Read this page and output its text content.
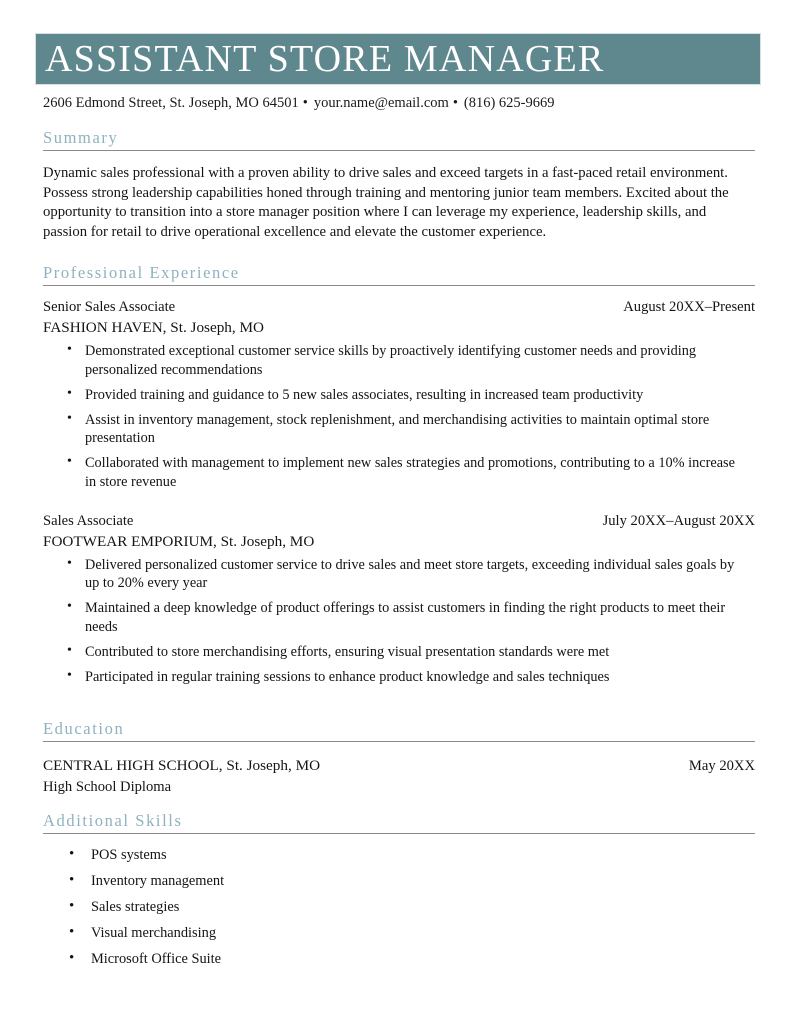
ASSISTANT STORE MANAGER
2606 Edmond Street, St. Joseph, MO 64501 • your.name@email.com • (816) 625-9669
Summary

Dynamic sales professional with a proven ability to drive sales and exceed targets in a fast-paced retail environment. Possess strong leadership capabilities honed through training and mentoring junior team members. Excited about the opportunity to transition into a store manager position where I can leverage my experience, leadership skills, and passion for retail to drive operational excellence and elevate the customer experience.

Professional Experience
Senior Sales Associate	August 20XX–Present
FASHION HAVEN, St. Joseph, MO
• Demonstrated exceptional customer service skills by proactively identifying customer needs and providing personalized recommendations
• Provided training and guidance to 5 new sales associates, resulting in increased team productivity
• Assist in inventory management, stock replenishment, and merchandising activities to maintain optimal store presentation
• Collaborated with management to implement new sales strategies and promotions, contributing to a 10% increase in store revenue
Sales Associate	July 20XX–August 20XX
FOOTWEAR EMPORIUM, St. Joseph, MO
• Delivered personalized customer service to drive sales and meet store targets, exceeding individual sales goals by up to 20% every year
• Maintained a deep knowledge of product offerings to assist customers in finding the right products to meet their needs
• Contributed to store merchandising efforts, ensuring visual presentation standards were met
• Participated in regular training sessions to enhance product knowledge and sales techniques
Education
CENTRAL HIGH SCHOOL, St. Joseph, MO	May 20XX
High School Diploma
Additional Skills
• POS systems
• Inventory management
• Sales strategies
• Visual merchandising
• Microsoft Office Suite
